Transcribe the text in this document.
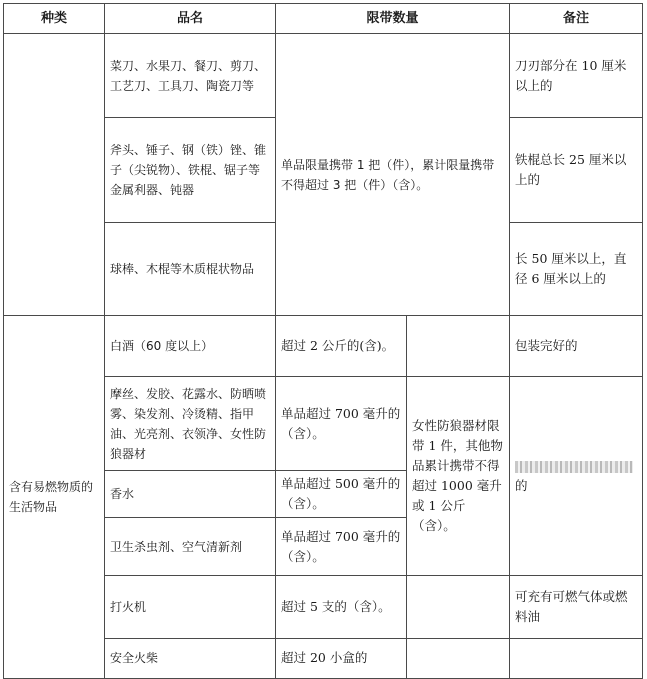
种类	品名	限带数量		备注
	菜刀、水果刀、餐刀、剪刀、工艺刀、工具刀、陶瓷刀等	单品限量携带 1 把（件），累计限量携带不得超过 3 把（件）（含）。		刀刃部分在 10 厘米以上的
	斧头、锤子、钢（铁）锉、锥子（尖锐物）、铁棍、锯子等金属利器、钝器			铁棍总长 25 厘米以上的
	球棒、木棍等木质棍状物品			长 50 厘米以上，直径 6 厘米以上的
含有易燃物质的生活物品	白酒（60 度以上）	超过 2 公斤的(含)。		包装完好的
	摩丝、发胶、花露水、防晒喷雾、染发剂、冷烫精、指甲油、光亮剂、衣领净、女性防狼器材	单品超过 700 毫升的（含）。	女性防狼器材限带 1 件，其他物品累计携带不得超过 1000 毫升或 1 公斤（含）。	的
	香水	单品超过 500 毫升的（含）。		
	卫生杀虫剂、空气清新剂	单品超过 700 毫升的（含）。		
	打火机	超过 5 支的（含）。		可充有可燃气体或燃料油
	安全火柴	超过 20 小盒的		
